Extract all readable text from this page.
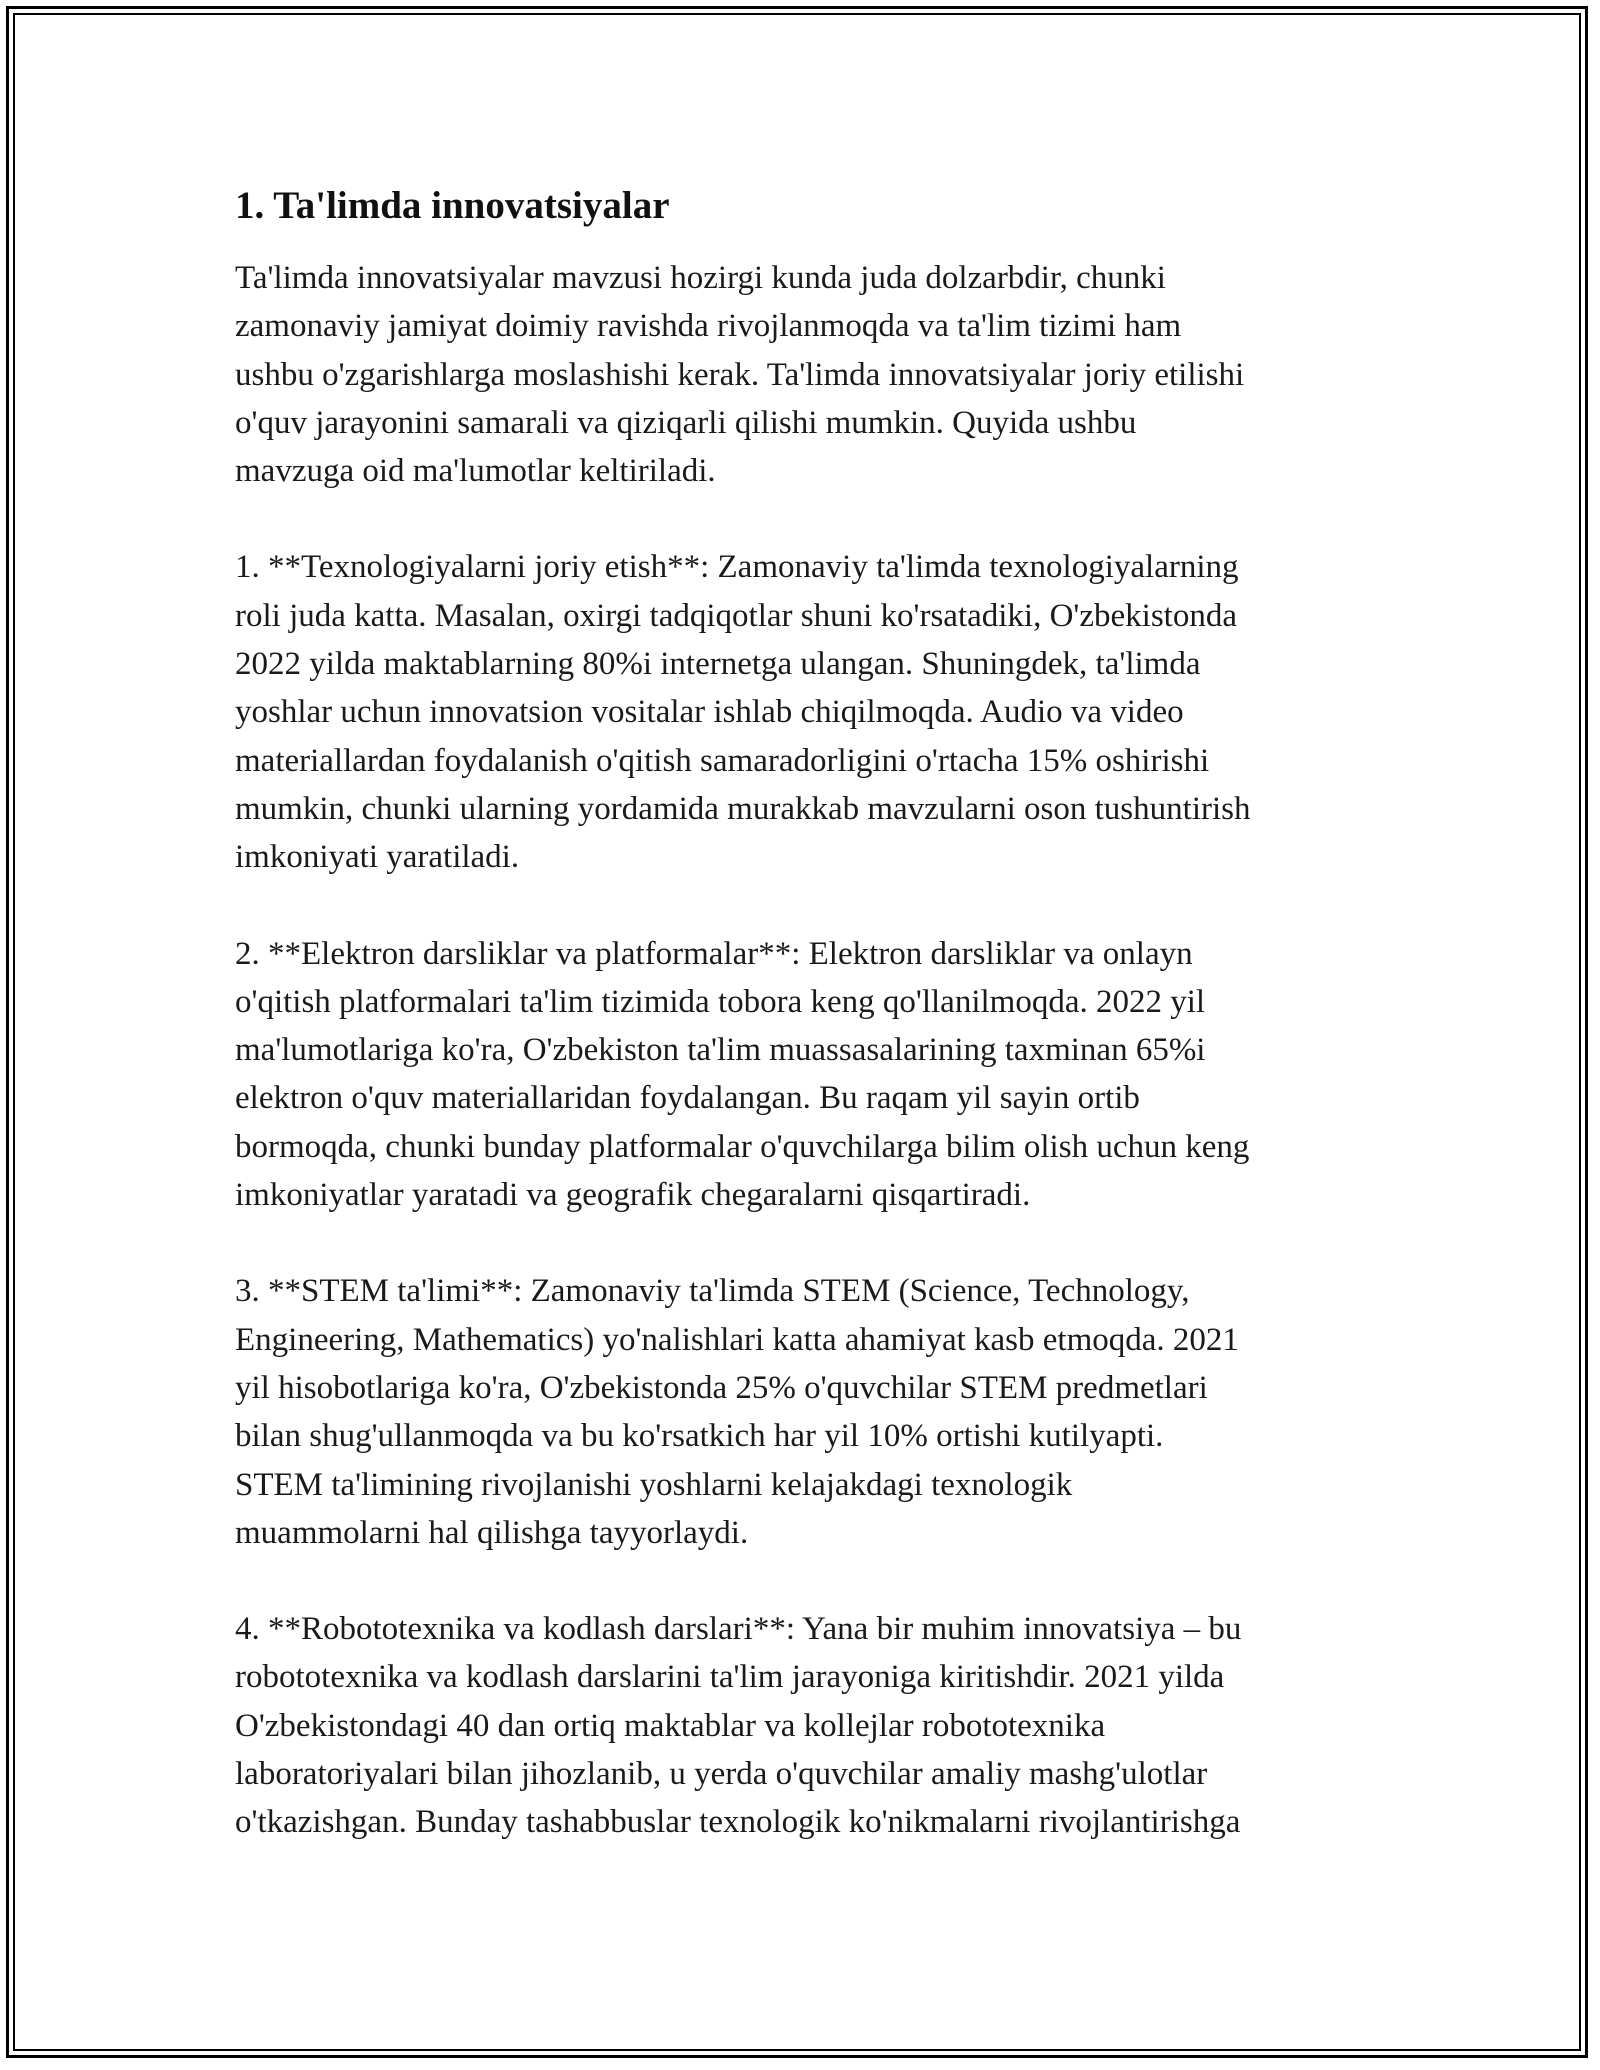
1. Ta'limda innovatsiyalar

Ta'limda innovatsiyalar mavzusi hozirgi kunda juda dolzarbdir, chunki
zamonaviy jamiyat doimiy ravishda rivojlanmoqda va ta'lim tizimi ham
ushbu o'zgarishlarga moslashishi kerak. Ta'limda innovatsiyalar joriy etilishi
o'quv jarayonini samarali va qiziqarli qilishi mumkin. Quyida ushbu
mavzuga oid ma'lumotlar keltiriladi.

1. **Texnologiyalarni joriy etish**: Zamonaviy ta'limda texnologiyalarning
roli juda katta. Masalan, oxirgi tadqiqotlar shuni ko'rsatadiki, O'zbekistonda
2022 yilda maktablarning 80%i internetga ulangan. Shuningdek, ta'limda
yoshlar uchun innovatsion vositalar ishlab chiqilmoqda. Audio va video
materiallardan foydalanish o'qitish samaradorligini o'rtacha 15% oshirishi
mumkin, chunki ularning yordamida murakkab mavzularni oson tushuntirish
imkoniyati yaratiladi.

2. **Elektron darsliklar va platformalar**: Elektron darsliklar va onlayn
o'qitish platformalari ta'lim tizimida tobora keng qo'llanilmoqda. 2022 yil
ma'lumotlariga ko'ra, O'zbekiston ta'lim muassasalarining taxminan 65%i
elektron o'quv materiallaridan foydalangan. Bu raqam yil sayin ortib
bormoqda, chunki bunday platformalar o'quvchilarga bilim olish uchun keng
imkoniyatlar yaratadi va geografik chegaralarni qisqartiradi.

3. **STEM ta'limi**: Zamonaviy ta'limda STEM (Science, Technology,
Engineering, Mathematics) yo'nalishlari katta ahamiyat kasb etmoqda. 2021
yil hisobotlariga ko'ra, O'zbekistonda 25% o'quvchilar STEM predmetlari
bilan shug'ullanmoqda va bu ko'rsatkich har yil 10% ortishi kutilyapti.
STEM ta'limining rivojlanishi yoshlarni kelajakdagi texnologik
muammolarni hal qilishga tayyorlaydi.

4. **Robototexnika va kodlash darslari**: Yana bir muhim innovatsiya – bu
robototexnika va kodlash darslarini ta'lim jarayoniga kiritishdir. 2021 yilda
O'zbekistondagi 40 dan ortiq maktablar va kollejlar robototexnika
laboratoriyalari bilan jihozlanib, u yerda o'quvchilar amaliy mashg'ulotlar
o'tkazishgan. Bunday tashabbuslar texnologik ko'nikmalarni rivojlantirishga
